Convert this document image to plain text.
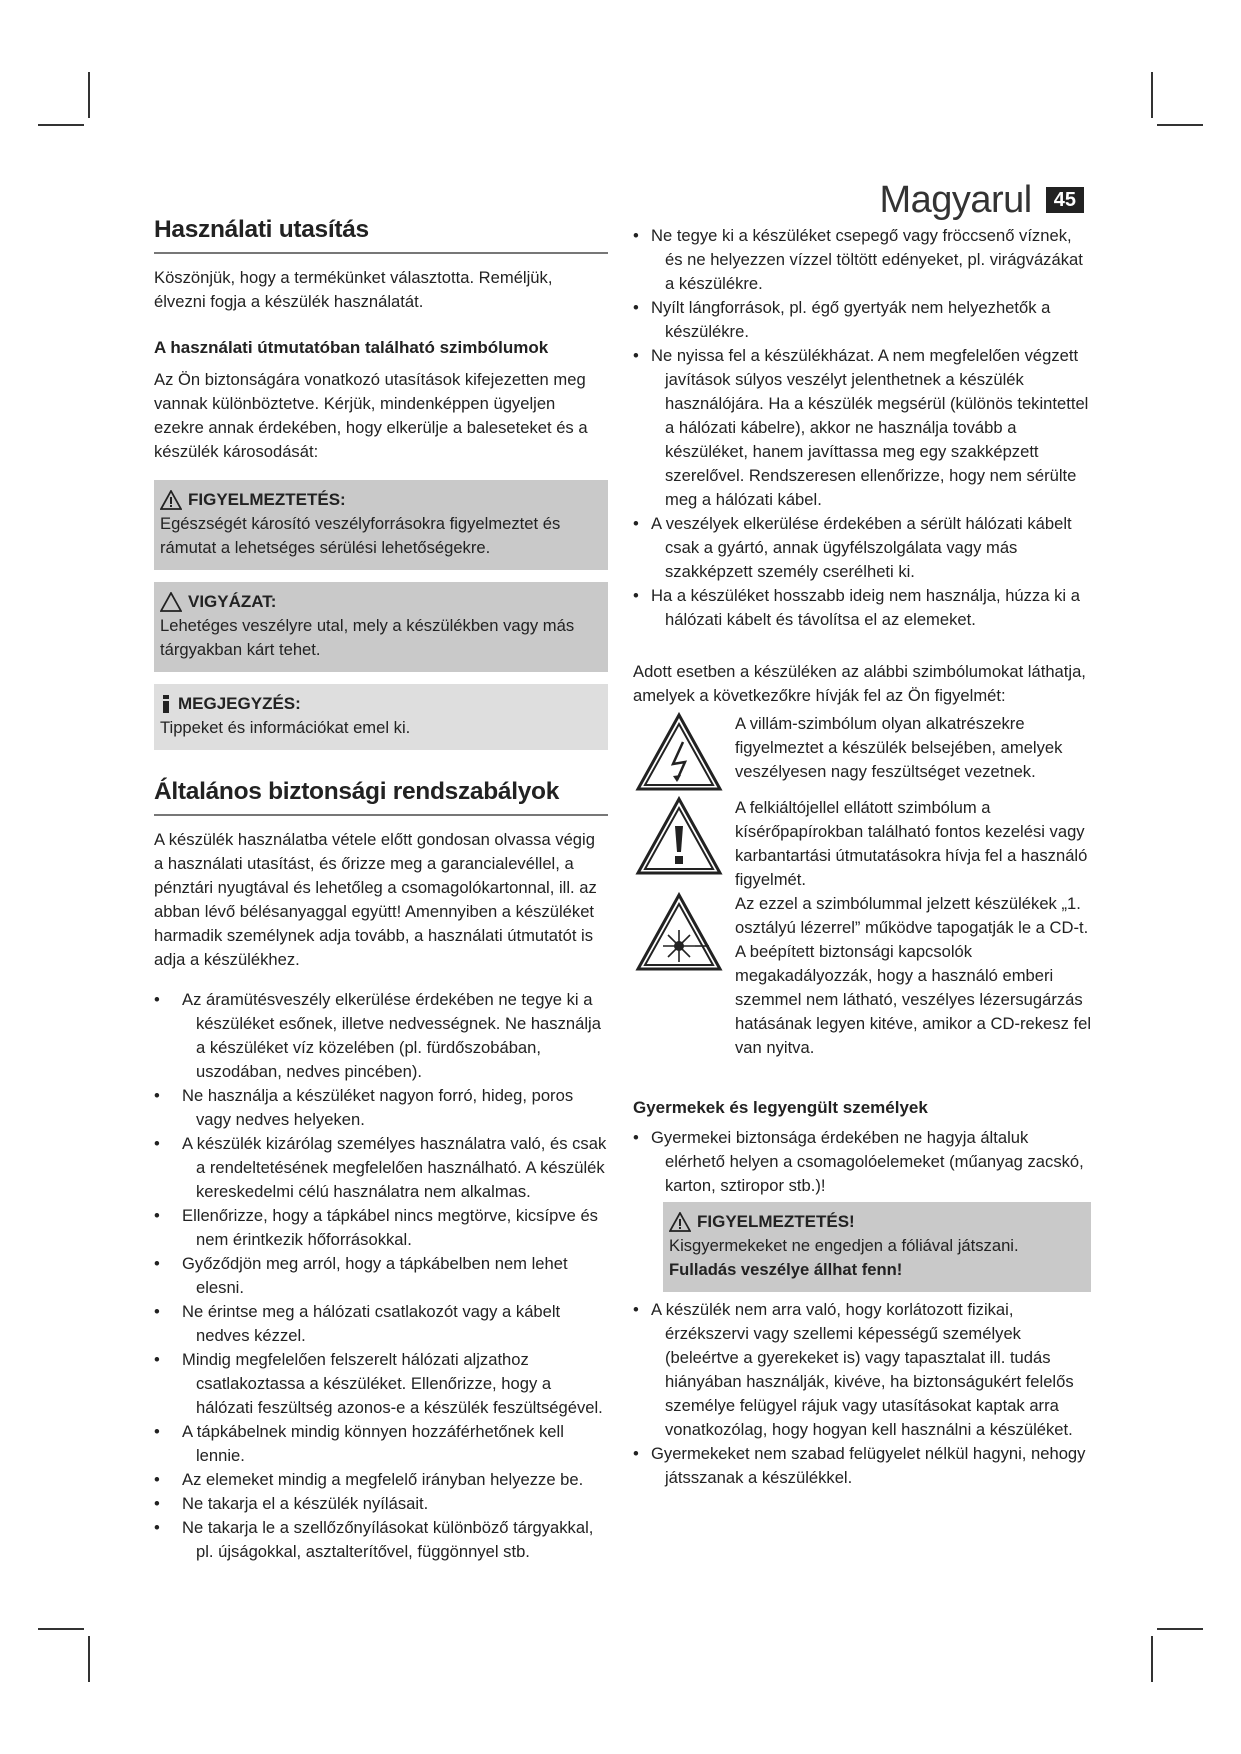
Magyarul	45
Használati utasítás

Köszönjük, hogy a termékünket választotta. Reméljük, élvezni fogja a készülék használatát.

A használati útmutatóban található szimbólumok

Az Ön biztonságára vonatkozó utasítások kifejezetten meg vannak különböztetve. Kérjük, mindenképpen ügyeljen ezekre annak érdekében, hogy elkerülje a baleseteket és a készülék károsodását:

FIGYELMEZTETÉS:

Egészségét károsító veszélyforrásokra figyelmeztet és rámutat a lehetséges sérülési lehetőségekre.

VIGYÁZAT:

Lehetéges veszélyre utal, mely a készülékben vagy más tárgyakban kárt tehet.

MEGJEGYZÉS:

Tippeket és információkat emel ki.

Általános biztonsági rendszabályok

A készülék használatba vétele előtt gondosan olvassa végig a használati utasítást, és őrizze meg a garancialevéllel, a pénztári nyugtával és lehetőleg a csomagolókartonnal, ill. az abban lévő bélésanyaggal együtt! Amennyiben a készüléket harmadik személynek adja tovább, a használati útmutatót is adja a készülékhez.

• Az áramütésveszély elkerülése érdekében ne tegye ki a készüléket esőnek, illetve nedvességnek. Ne használja a készüléket víz közelében (pl. fürdőszobában, uszodában, nedves pincében).
• Ne használja a készüléket nagyon forró, hideg, poros vagy nedves helyeken.
• A készülék kizárólag személyes használatra való, és csak a rendeltetésének megfelelően használható. A készülék kereskedelmi célú használatra nem alkalmas.
• Ellenőrizze, hogy a tápkábel nincs megtörve, kicsípve és nem érintkezik hőforrásokkal.
• Győződjön meg arról, hogy a tápkábelben nem lehet elesni.
• Ne érintse meg a hálózati csatlakozót vagy a kábelt nedves kézzel.
• Mindig megfelelően felszerelt hálózati aljzathoz csatlakoztassa a készüléket. Ellenőrizze, hogy a hálózati feszültség azonos-e a készülék feszültségével.
• A tápkábelnek mindig könnyen hozzáférhetőnek kell lennie.
• Az elemeket mindig a megfelelő irányban helyezze be.
• Ne takarja el a készülék nyílásait.
• Ne takarja le a szellőzőnyílásokat különböző tárgyakkal, pl. újságokkal, asztalterítővel, függönnyel stb.
• Ne tegye ki a készüléket csepegő vagy fröccsenő víznek, és ne helyezzen vízzel töltött edényeket, pl. virágvázákat a készülékre.
• Nyílt lángforrások, pl. égő gyertyák nem helyezhetők a készülékre.
• Ne nyissa fel a készülékházat. A nem megfelelően végzett javítások súlyos veszélyt jelenthetnek a készülék használójára. Ha a készülék megsérül (különös tekintettel a hálózati kábelre), akkor ne használja tovább a készüléket, hanem javíttassa meg egy szakképzett szerelővel. Rendszeresen ellenőrizze, hogy nem sérülte meg a hálózati kábel.
• A veszélyek elkerülése érdekében a sérült hálózati kábelt csak a gyártó, annak ügyfélszolgálata vagy más szakképzett személy cserélheti ki.
• Ha a készüléket hosszabb ideig nem használja, húzza ki a hálózati kábelt és távolítsa el az elemeket.

Adott esetben a készüléken az alábbi szimbólumokat láthatja, amelyek a következőkre hívják fel az Ön figyelmét:

A villám-szimbólum olyan alkatrészekre figyelmeztet a készülék belsejében, amelyek veszélyesen nagy feszültséget vezetnek.

A felkiáltójellel ellátott szimbólum a kísérőpapírokban található fontos kezelési vagy karbantartási útmutatásokra hívja fel a használó figyelmét.

Az ezzel a szimbólummal jelzett készülékek „1. osztályú lézerrel” működve tapogatják le a CD-t. A beépített biztonsági kapcsolók megakadályozzák, hogy a használó emberi szemmel nem látható, veszélyes lézersugárzás hatásának legyen kitéve, amikor a CD-rekesz fel van nyitva.

Gyermekek és legyengült személyek
• Gyermekei biztonsága érdekében ne hagyja általuk elérhető helyen a csomagolóelemeket (műanyag zacskó, karton, sztiropor stb.)!
FIGYELMEZTETÉS!

Kisgyermekeket ne engedjen a fóliával játszani. Fulladás veszélye állhat fenn!

• A készülék nem arra való, hogy korlátozott fizikai, érzékszervi vagy szellemi képességű személyek (beleértve a gyerekeket is) vagy tapasztalat ill. tudás hiányában használják, kivéve, ha biztonságukért felelős személye felügyel rájuk vagy utasításokat kaptak arra vonatkozólag, hogy hogyan kell használni a készüléket.
• Gyermekeket nem szabad felügyelet nélkül hagyni, nehogy játsszanak a készülékkel.
